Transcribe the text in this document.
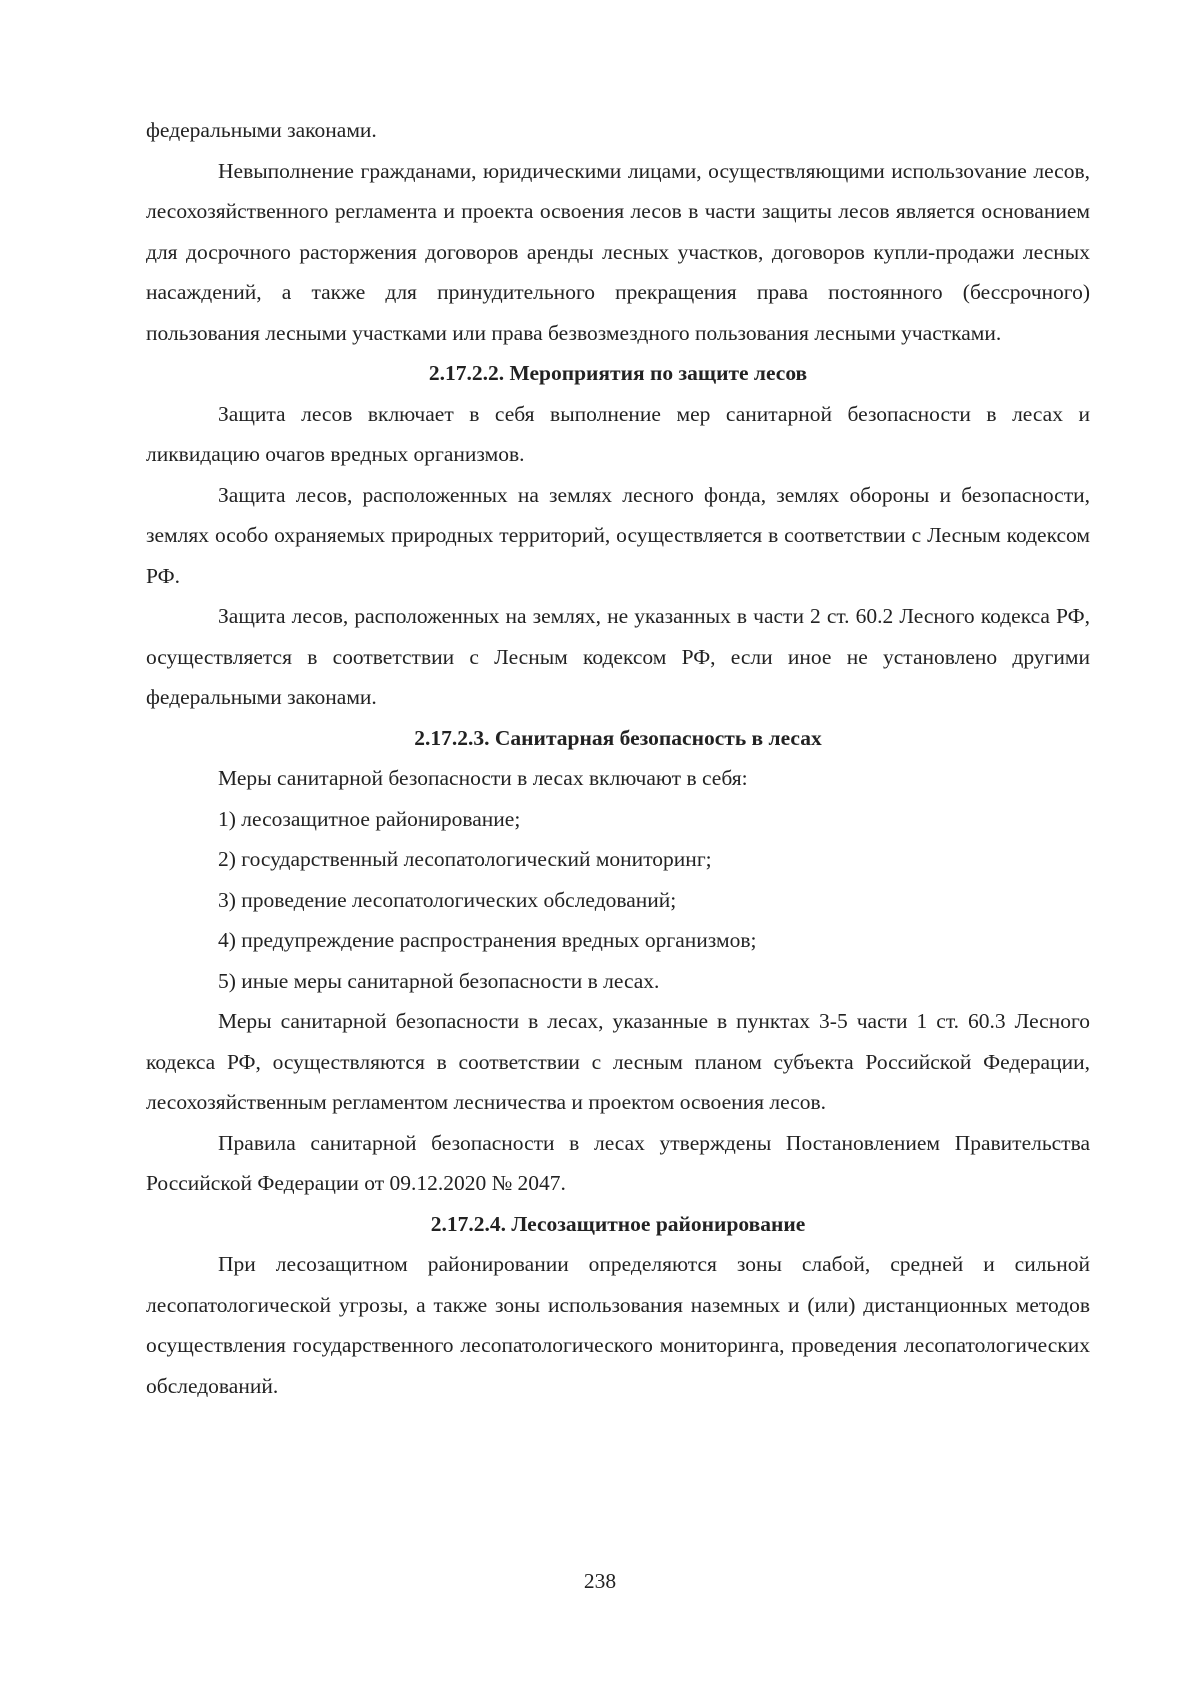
федеральными законами.

Невыполнение гражданами, юридическими лицами, осуществляющими использоvание лесов, лесохозяйственного регламента и проекта освоения лесов в части защиты лесов является основанием для досрочного расторжения договоров аренды лесных участков, договоров купли-продажи лесных насаждений, а также для принудительного прекращения права постоянного (бессрочного) пользования лесными участками или права безвозмездного пользования лесными участками.

2.17.2.2. Мероприятия по защите лесов

Защита лесов включает в себя выполнение мер санитарной безопасности в лесах и ликвидацию очагов вредных организмов.

Защита лесов, расположенных на землях лесного фонда, землях обороны и безопасности, землях особо охраняемых природных территорий, осуществляется в соответствии с Лесным кодексом РФ.

Защита лесов, расположенных на землях, не указанных в части 2 ст. 60.2 Лесного кодекса РФ, осуществляется в соответствии с Лесным кодексом РФ, если иное не установлено другими федеральными законами.

2.17.2.3. Санитарная безопасность в лесах

Меры санитарной безопасности в лесах включают в себя:

1) лесозащитное районирование;

2) государственный лесопатологический мониторинг;

3) проведение лесопатологических обследований;

4) предупреждение распространения вредных организмов;

5) иные меры санитарной безопасности в лесах.

Меры санитарной безопасности в лесах, указанные в пунктах 3-5 части 1 ст. 60.3 Лесного кодекса РФ, осуществляются в соответствии с лесным планом субъекта Российской Федерации, лесохозяйственным регламентом лесничества и проектом освоения лесов.

Правила санитарной безопасности в лесах утверждены Постановлением Правительства Российской Федерации от 09.12.2020 № 2047.

2.17.2.4. Лесозащитное районирование

При лесозащитном районировании определяются зоны слабой, средней и сильной лесопатологической угрозы, а также зоны использования наземных и (или) дистанционных методов осуществления государственного лесопатологического мониторинга, проведения лесопатологических обследований.

238
